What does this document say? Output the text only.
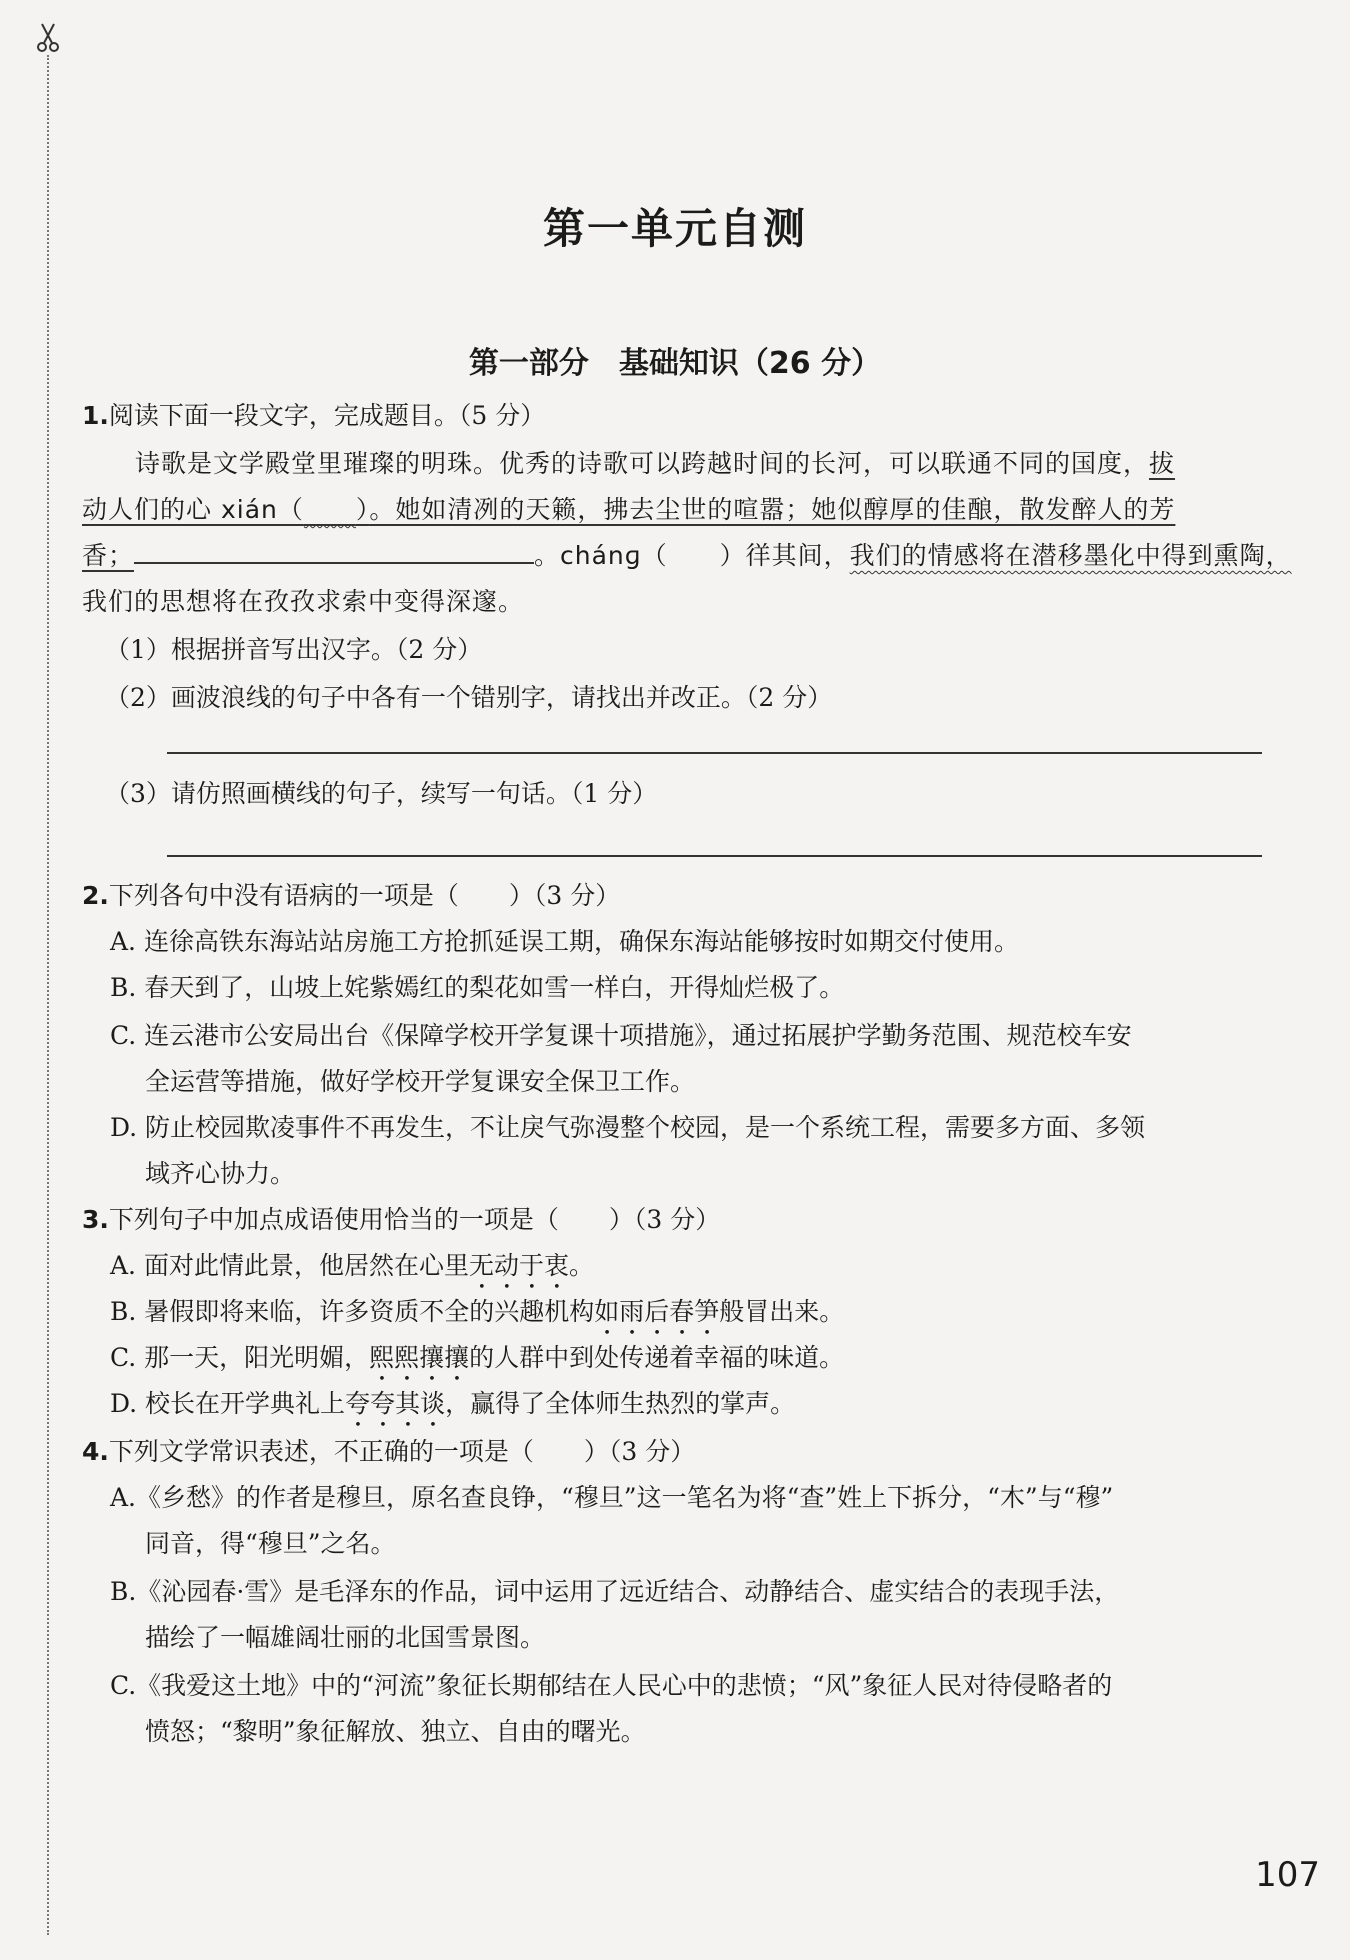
第一单元自测
第一部分　基础知识（26 分）
1.阅读下面一段文字，完成题目。（5 分）
诗歌是文学殿堂里璀璨的明珠。优秀的诗歌可以跨越时间的长河，可以联通不同的国度，拔
动人们的心 xián（　　 ）。她如清冽的天籁，拂去尘世的喧嚣；她似醇厚的佳酿，散发醉人的芳
香；	。chánɡ（　　）徉其间，我们的情感将在潜移墨化中得到熏陶，
我们的思想将在孜孜求索中变得深邃。
（1）根据拼音写出汉字。（2 分）
（2）画波浪线的句子中各有一个错别字，请找出并改正。（2 分）
（3）请仿照画横线的句子，续写一句话。（1 分）
2.下列各句中没有语病的一项是（　　）（3 分）
A. 连徐高铁东海站站房施工方抢抓延误工期，确保东海站能够按时如期交付使用。
B. 春天到了，山坡上姹紫嫣红的梨花如雪一样白，开得灿烂极了。
C. 连云港市公安局出台《保障学校开学复课十项措施》，通过拓展护学勤务范围、规范校车安
全运营等措施，做好学校开学复课安全保卫工作。
D. 防止校园欺凌事件不再发生，不让戾气弥漫整个校园，是一个系统工程，需要多方面、多领
域齐心协力。
3.下列句子中加点成语使用恰当的一项是（　　）（3 分）
A. 面对此情此景，他居然在心里无动于衷。
B. 暑假即将来临，许多资质不全的兴趣机构如雨后春笋般冒出来。
C. 那一天，阳光明媚，熙熙攘攘的人群中到处传递着幸福的味道。
D. 校长在开学典礼上夸夸其谈，赢得了全体师生热烈的掌声。
4.下列文学常识表述，不正确的一项是（　　）（3 分）
A.《乡愁》的作者是穆旦，原名查良铮，“穆旦”这一笔名为将“查”姓上下拆分，“木”与“穆”
同音，得“穆旦”之名。
B.《沁园春·雪》是毛泽东的作品，词中运用了远近结合、动静结合、虚实结合的表现手法，
描绘了一幅雄阔壮丽的北国雪景图。
C.《我爱这土地》中的“河流”象征长期郁结在人民心中的悲愤；“风”象征人民对待侵略者的
愤怒；“黎明”象征解放、独立、自由的曙光。
107
